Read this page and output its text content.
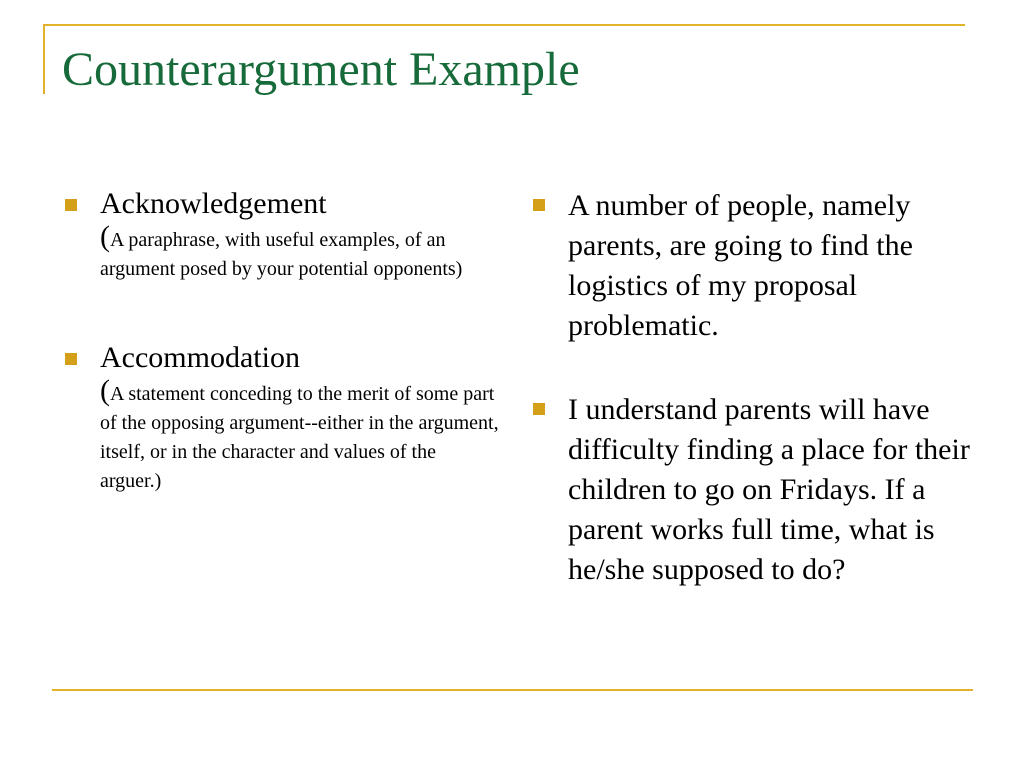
Counterargument Example
Acknowledgement
(A paraphrase, with useful examples, of an argument posed by your potential opponents)
Accommodation
(A statement conceding to the merit of some part of the opposing argument--either in the argument, itself, or in the character and values of the arguer.)
A number of people, namely parents, are going to find the logistics of my proposal problematic.
I understand parents will have difficulty finding a place for their children to go on Fridays. If a parent works full time, what is he/she supposed to do?
